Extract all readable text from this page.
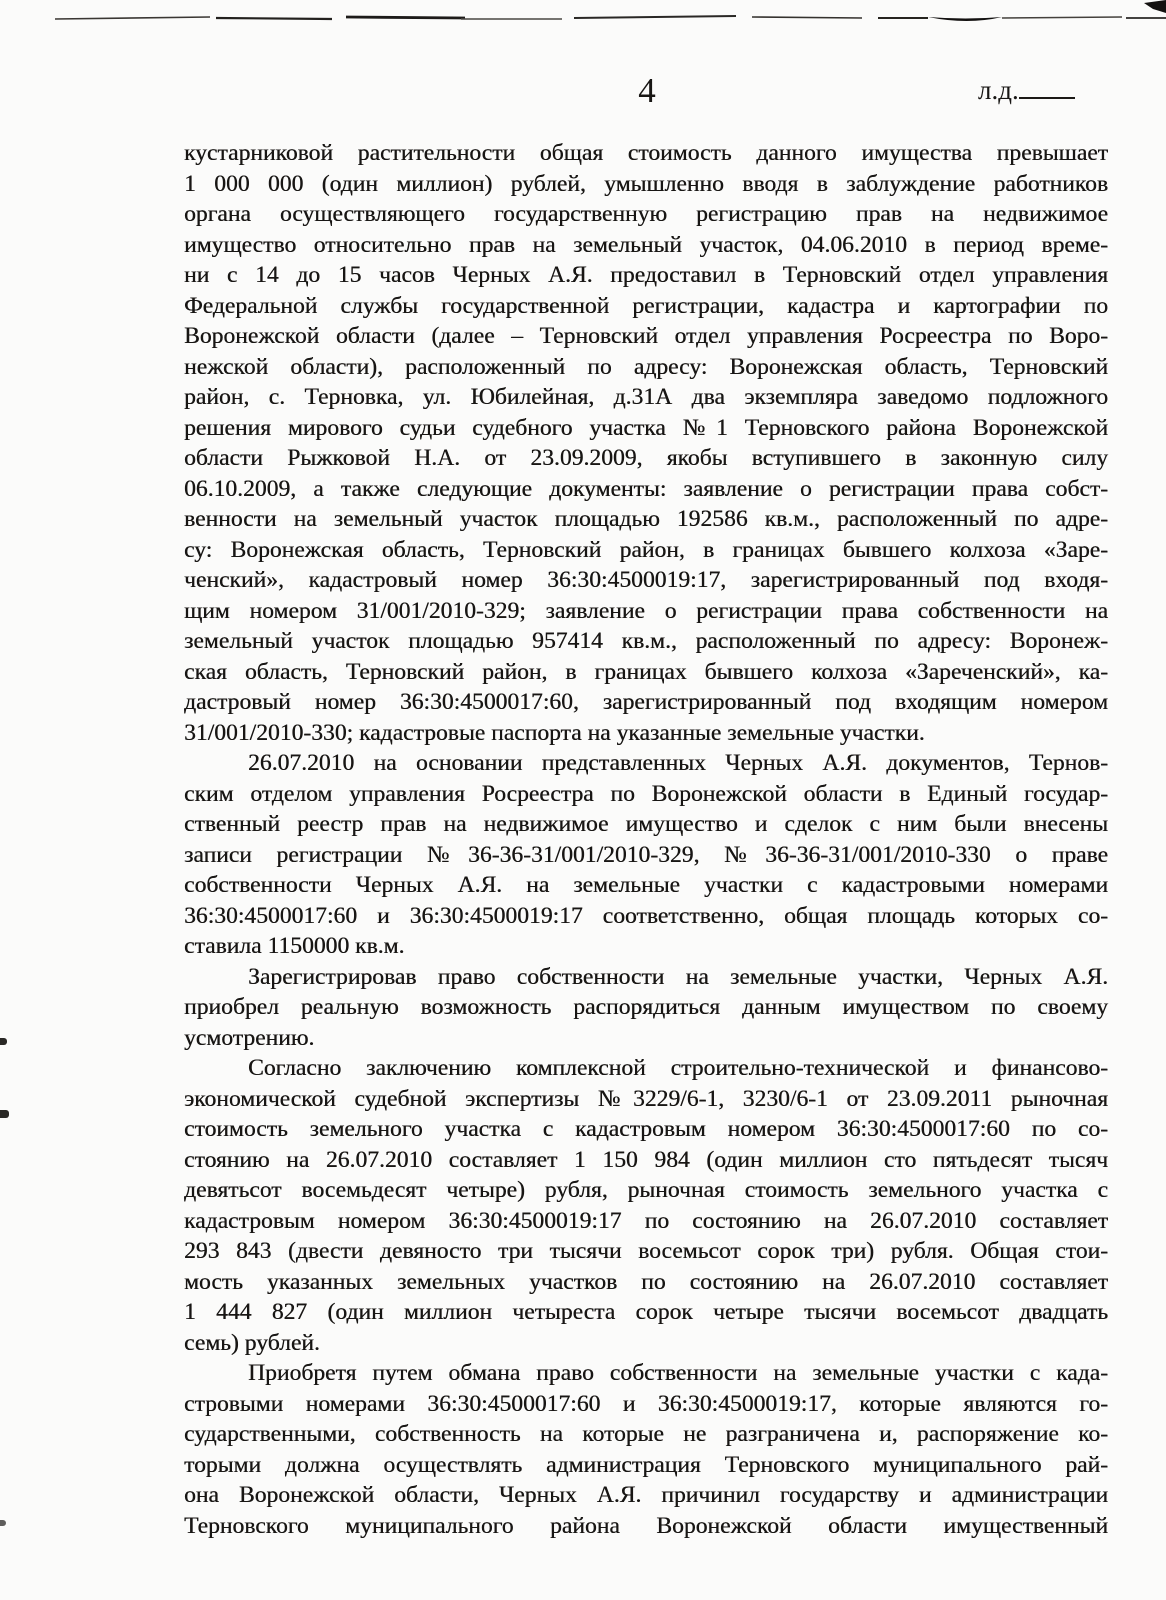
4	л.д.
кустарниковой растительности общая стоимость данного имущества превышает
1 000 000 (один миллион) рублей, умышленно вводя в заблуждение работников
органа осуществляющего государственную регистрацию прав на недвижимое
имущество относительно прав на земельный участок, 04.06.2010 в период време-
ни с 14 до 15 часов Черных А.Я. предоставил в Терновский отдел управления
Федеральной службы государственной регистрации, кадастра и картографии по
Воронежской области (далее – Терновский отдел управления Росреестра по Воро-
нежской области), расположенный по адресу: Воронежская область, Терновский
район, с. Терновка, ул. Юбилейная, д.31А два экземпляра заведомо подложного
решения мирового судьи судебного участка №1 Терновского района Воронежской
области Рыжковой Н.А. от 23.09.2009, якобы вступившего в законную силу
06.10.2009, а также следующие документы: заявление о регистрации права собст-
венности на земельный участок площадью 192586 кв.м., расположенный по адре-
су: Воронежская область, Терновский район, в границах бывшего колхоза «Заре-
ченский», кадастровый номер 36:30:4500019:17, зарегистрированный под входя-
щим номером 31/001/2010-329; заявление о регистрации права собственности на
земельный участок площадью 957414 кв.м., расположенный по адресу: Воронеж-
ская область, Терновский район, в границах бывшего колхоза «Зареченский», ка-
дастровый номер 36:30:4500017:60, зарегистрированный под входящим номером
31/001/2010-330; кадастровые паспорта на указанные земельные участки.
26.07.2010 на основании представленных Черных А.Я. документов, Тернов-
ским отделом управления Росреестра по Воронежской области в Единый государ-
ственный реестр прав на недвижимое имущество и сделок с ним были внесены
записи регистрации №36-36-31/001/2010-329, №36-36-31/001/2010-330 о праве
собственности Черных А.Я. на земельные участки с кадастровыми номерами
36:30:4500017:60 и 36:30:4500019:17 соответственно, общая площадь которых со-
ставила 1150000 кв.м.
Зарегистрировав право собственности на земельные участки, Черных А.Я.
приобрел реальную возможность распорядиться данным имуществом по своему
усмотрению.
Согласно заключению комплексной строительно-технической и финансово-
экономической судебной экспертизы №3229/6-1, 3230/6-1 от 23.09.2011 рыночная
стоимость земельного участка с кадастровым номером 36:30:4500017:60 по со-
стоянию на 26.07.2010 составляет 1 150 984 (один миллион сто пятьдесят тысяч
девятьсот восемьдесят четыре) рубля, рыночная стоимость земельного участка с
кадастровым номером 36:30:4500019:17 по состоянию на 26.07.2010 составляет
293 843 (двести девяносто три тысячи восемьсот сорок три) рубля. Общая стои-
мость указанных земельных участков по состоянию на 26.07.2010 составляет
1 444 827 (один миллион четыреста сорок четыре тысячи восемьсот двадцать
семь) рублей.
Приобретя путем обмана право собственности на земельные участки с када-
стровыми номерами 36:30:4500017:60 и 36:30:4500019:17, которые являются го-
сударственными, собственность на которые не разграничена и, распоряжение ко-
торыми должна осуществлять администрация Терновского муниципального рай-
она Воронежской области, Черных А.Я. причинил государству и администрации
Терновского муниципального района Воронежской области имущественный
